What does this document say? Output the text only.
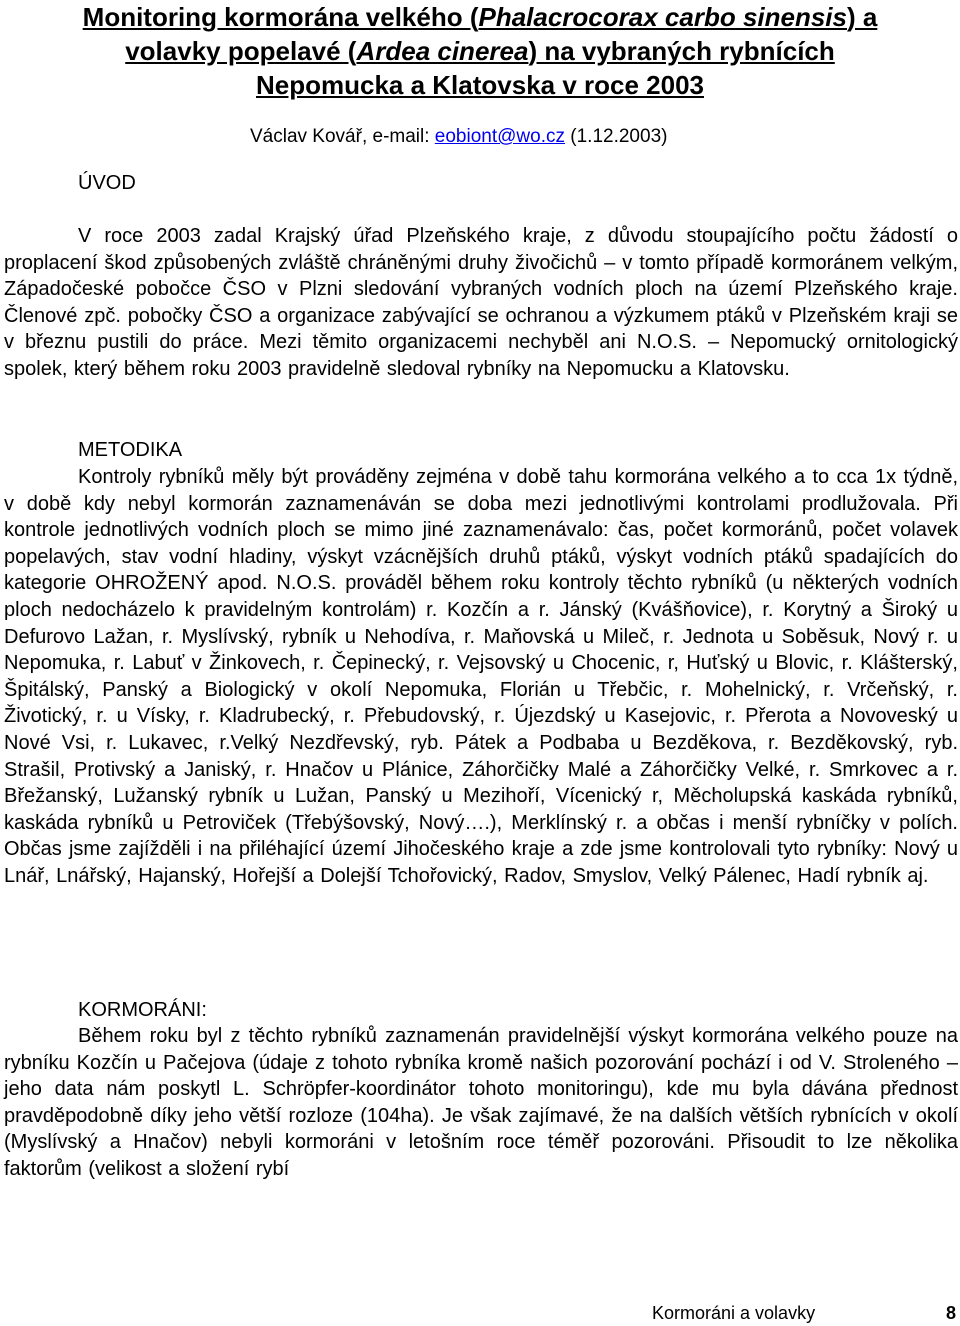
Monitoring kormorána velkého (Phalacrocorax carbo sinensis) a
volavky popelavé (Ardea cinerea) na vybraných rybnících
Nepomucka a Klatovska v roce 2003

Václav Kovář, e-mail: eobiont@wo.cz (1.12.2003)

ÚVOD

V roce 2003 zadal Krajský úřad Plzeňského kraje, z důvodu stoupajícího počtu žádostí o proplacení škod způsobených zvláště chráněnými druhy živočichů – v tomto případě kormoránem velkým, Západočeské pobočce ČSO v Plzni sledování vybraných vodních ploch na území Plzeňského kraje. Členové zpč. pobočky ČSO a organizace zabývající se ochranou a výzkumem ptáků v Plzeňském kraji se v březnu pustili do práce. Mezi těmito organizacemi nechyběl ani N.O.S. – Nepomucký ornitologický spolek, který během roku 2003 pravidelně sledoval rybníky na Nepomucku a Klatovsku.

METODIKA

Kontroly rybníků měly být prováděny zejména v době tahu kormorána velkého a to cca 1x týdně, v době kdy nebyl kormorán zaznamenáván se doba mezi jednotlivými kontrolami prodlužovala. Při kontrole jednotlivých vodních ploch se mimo jiné zaznamenávalo: čas, počet kormoránů, počet volavek popelavých, stav vodní hladiny, výskyt vzácnějších druhů ptáků, výskyt vodních ptáků spadajících do kategorie OHROŽENÝ apod. N.O.S. prováděl během roku kontroly těchto rybníků (u některých vodních ploch nedocházelo k pravidelným kontrolám) r. Kozčín a r. Jánský (Kvášňovice), r. Korytný a Široký u Defurovo Lažan, r. Myslívský, rybník u Nehodíva, r. Maňovská u Mileč, r. Jednota u Soběsuk, Nový r. u Nepomuka, r. Labuť v Žinkovech, r. Čepinecký, r. Vejsovský u Chocenic, r, Huťský u Blovic, r. Klášterský, Špitálský, Panský a Biologický v okolí Nepomuka, Florián u Třebčic, r. Mohelnický, r. Vrčeňský, r. Životický, r. u Vísky, r. Kladrubecký, r. Přebudovský, r. Újezdský u Kasejovic, r. Přerota a Novoveský u Nové Vsi, r. Lukavec, r.Velký Nezdřevský, ryb. Pátek a Podbaba u Bezděkova, r. Bezděkovský, ryb. Strašil, Protivský a Janiský, r. Hnačov u Plánice, Záhorčičky Malé a Záhorčičky Velké, r. Smrkovec a r. Břežanský, Lužanský rybník u Lužan, Panský u Mezihoří, Vícenický r, Měcholupská kaskáda rybníků, kaskáda rybníků u Petroviček (Třebýšovský, Nový….), Merklínský r. a občas i menší rybníčky v polích. Občas jsme zajížděli i na přiléhající území Jihočeského kraje a zde jsme kontrolovali tyto rybníky: Nový u Lnář, Lnářský, Hajanský, Hořejší a Dolejší Tchořovický, Radov, Smyslov, Velký Pálenec, Hadí rybník aj.

KORMORÁNI:

Během roku byl z těchto rybníků zaznamenán pravidelnější výskyt kormorána velkého pouze na rybníku Kozčín u Pačejova (údaje z tohoto rybníka kromě našich pozorování pochází i od V. Stroleného – jeho data nám poskytl L. Schröpfer-koordinátor tohoto monitoringu), kde mu byla dávána přednost pravděpodobně díky jeho větší rozloze (104ha). Je však zajímavé, že na dalších větších rybnících v okolí (Myslívský a Hnačov) nebyli kormoráni v letošním roce téměř pozorováni. Přisoudit to lze několika faktorům (velikost a složení rybí

Kormoráni a volavky	8
